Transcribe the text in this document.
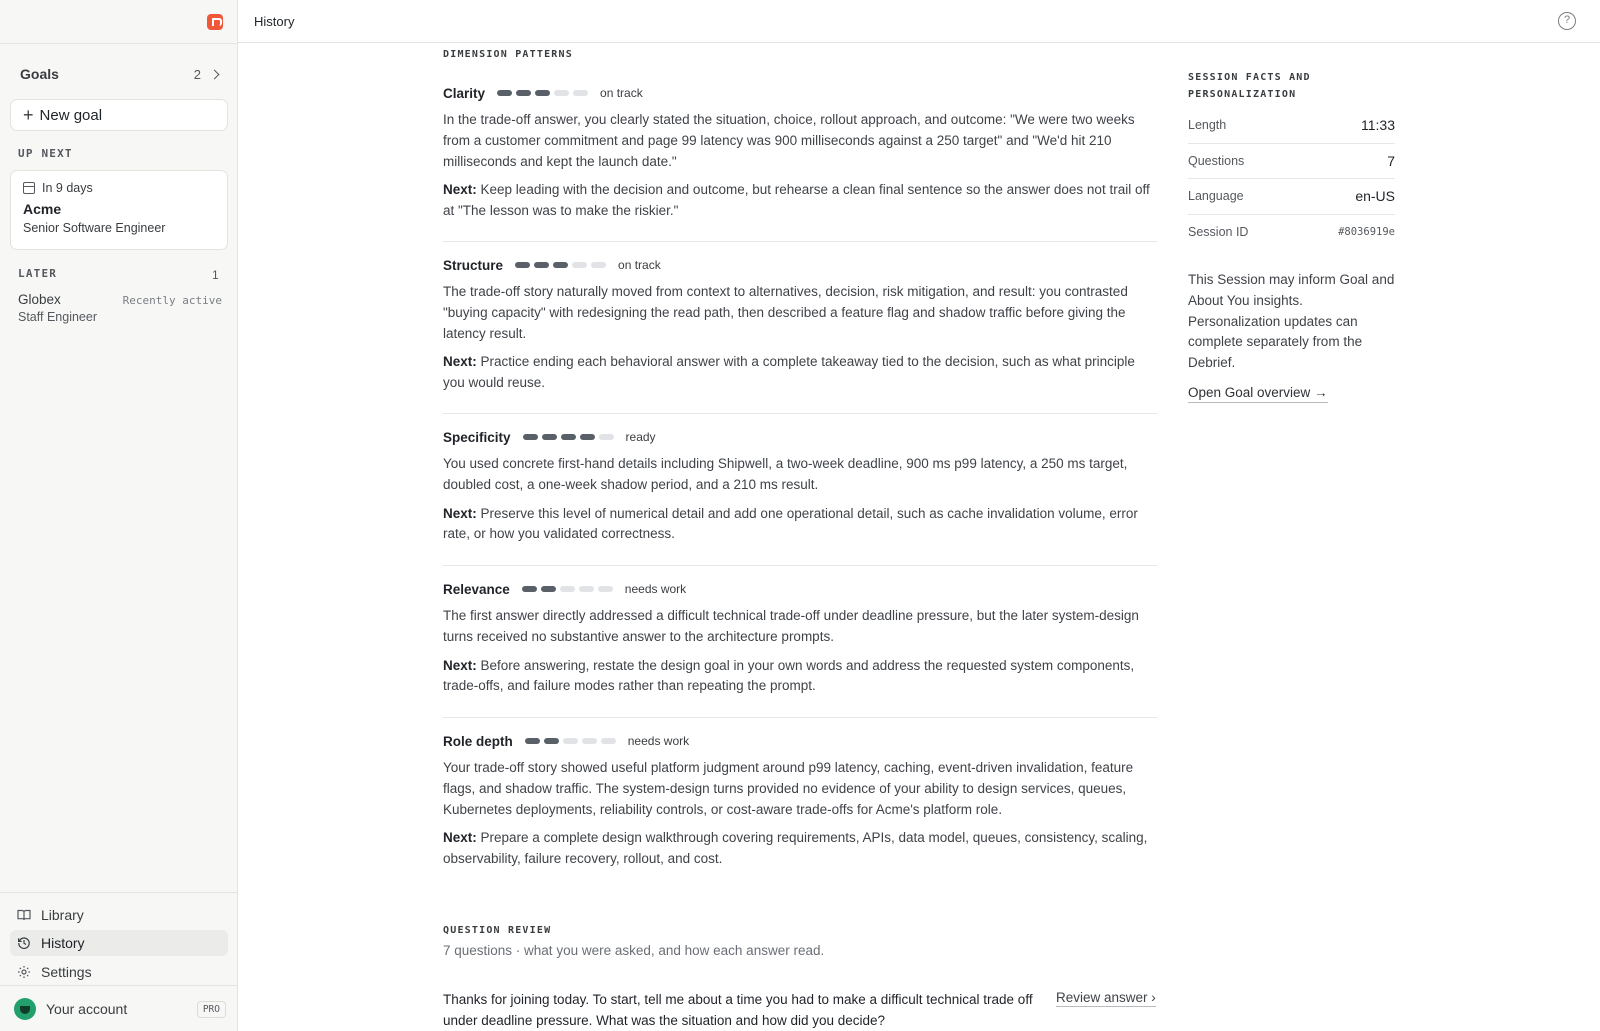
Goals	2
+ New goal
UP NEXT
In 9 days
Acme
Senior Software Engineer
LATER	1
Globex	Recently active
Staff Engineer
Library
History
Settings
Your account	PRO
History	?
DIMENSION PATTERNS
Clarity	on track
In the trade-off answer, you clearly stated the situation, choice, rollout approach, and outcome: "We were two weeks from a customer commitment and page 99 latency was 900 milliseconds against a 250 target" and "We'd hit 210 milliseconds and kept the launch date."
Next: Keep leading with the decision and outcome, but rehearse a clean final sentence so the answer does not trail off at "The lesson was to make the riskier."
Structure	on track
The trade-off story naturally moved from context to alternatives, decision, risk mitigation, and result: you contrasted "buying capacity" with redesigning the read path, then described a feature flag and shadow traffic before giving the latency result.
Next: Practice ending each behavioral answer with a complete takeaway tied to the decision, such as what principle you would reuse.
Specificity	ready
You used concrete first-hand details including Shipwell, a two-week deadline, 900 ms p99 latency, a 250 ms target, doubled cost, a one-week shadow period, and a 210 ms result.
Next: Preserve this level of numerical detail and add one operational detail, such as cache invalidation volume, error rate, or how you validated correctness.
Relevance	needs work
The first answer directly addressed a difficult technical trade-off under deadline pressure, but the later system-design turns received no substantive answer to the architecture prompts.
Next: Before answering, restate the design goal in your own words and address the requested system components, trade-offs, and failure modes rather than repeating the prompt.
Role depth	needs work
Your trade-off story showed useful platform judgment around p99 latency, caching, event-driven invalidation, feature flags, and shadow traffic. The system-design turns provided no evidence of your ability to design services, queues, Kubernetes deployments, reliability controls, or cost-aware trade-offs for Acme's platform role.
Next: Prepare a complete design walkthrough covering requirements, APIs, data model, queues, consistency, scaling, observability, failure recovery, rollout, and cost.
SESSION FACTS AND PERSONALIZATION
Length	11:33
Questions	7
Language	en-US
Session ID	#8036919e
This Session may inform Goal and About You insights. Personalization updates can complete separately from the Debrief.
Open Goal overview →
QUESTION REVIEW
7 questions · what you were asked, and how each answer read.
Thanks for joining today. To start, tell me about a time you had to make a difficult technical trade off under deadline pressure. What was the situation and how did you decide?
Review answer ›
